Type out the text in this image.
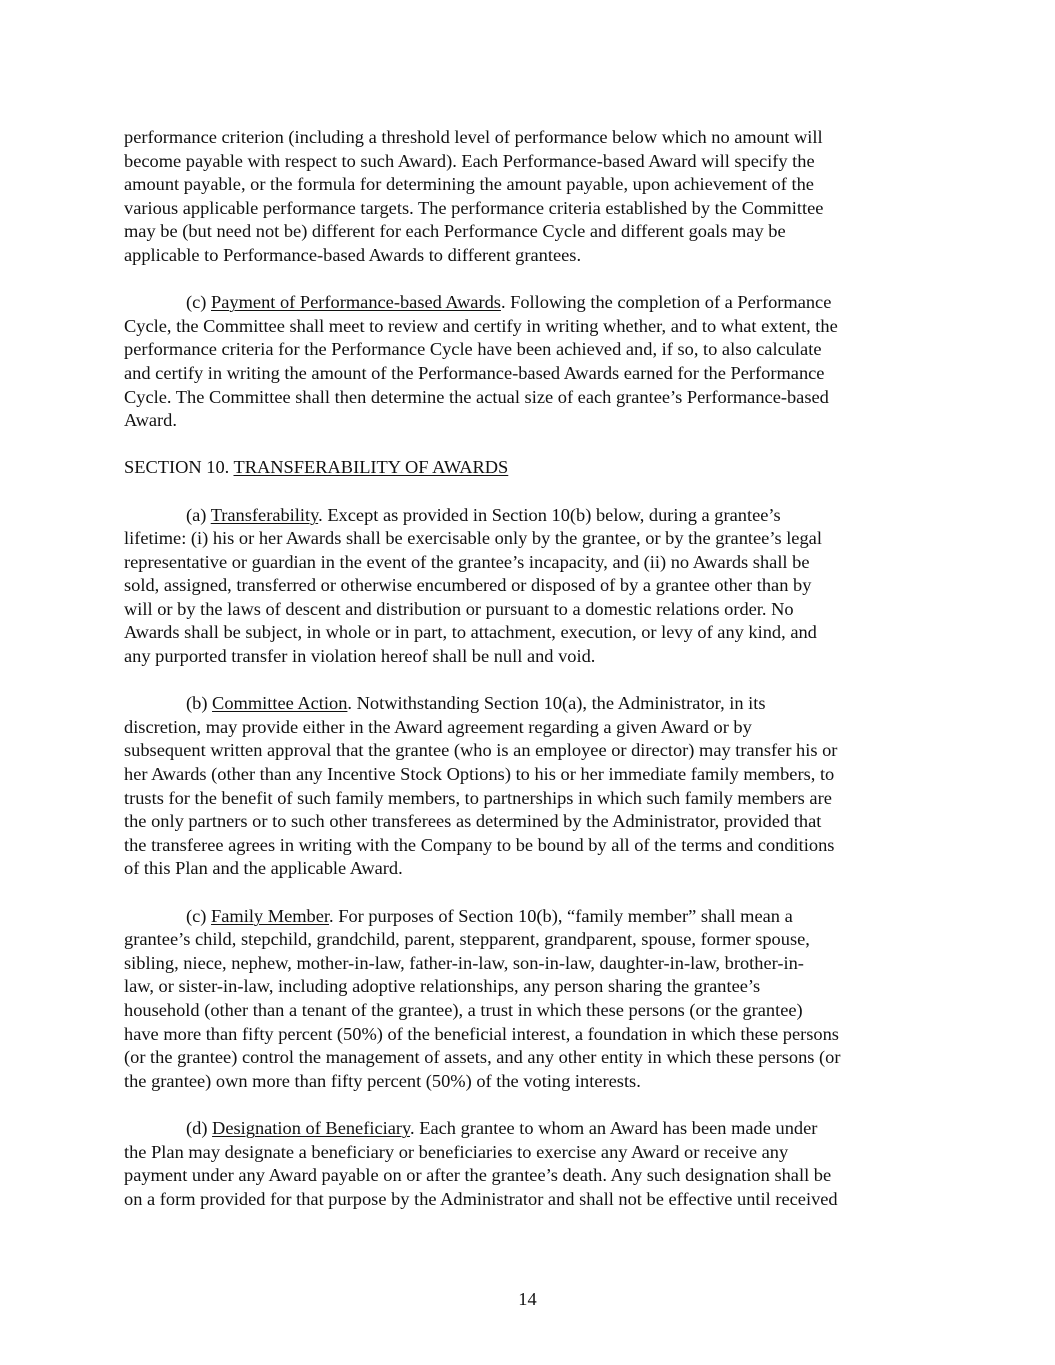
performance criterion (including a threshold level of performance below which no amount will
become payable with respect to such Award). Each Performance-based Award will specify the
amount payable, or the formula for determining the amount payable, upon achievement of the
various applicable performance targets. The performance criteria established by the Committee
may be (but need not be) different for each Performance Cycle and different goals may be
applicable to Performance-based Awards to different grantees.

(c) Payment of Performance-based Awards. Following the completion of a Performance
Cycle, the Committee shall meet to review and certify in writing whether, and to what extent, the
performance criteria for the Performance Cycle have been achieved and, if so, to also calculate
and certify in writing the amount of the Performance-based Awards earned for the Performance
Cycle. The Committee shall then determine the actual size of each grantee’s Performance-based
Award.

SECTION 10. TRANSFERABILITY OF AWARDS

(a) Transferability. Except as provided in Section 10(b) below, during a grantee’s
lifetime: (i) his or her Awards shall be exercisable only by the grantee, or by the grantee’s legal
representative or guardian in the event of the grantee’s incapacity, and (ii) no Awards shall be
sold, assigned, transferred or otherwise encumbered or disposed of by a grantee other than by
will or by the laws of descent and distribution or pursuant to a domestic relations order. No
Awards shall be subject, in whole or in part, to attachment, execution, or levy of any kind, and
any purported transfer in violation hereof shall be null and void.

(b) Committee Action. Notwithstanding Section 10(a), the Administrator, in its
discretion, may provide either in the Award agreement regarding a given Award or by
subsequent written approval that the grantee (who is an employee or director) may transfer his or
her Awards (other than any Incentive Stock Options) to his or her immediate family members, to
trusts for the benefit of such family members, to partnerships in which such family members are
the only partners or to such other transferees as determined by the Administrator, provided that
the transferee agrees in writing with the Company to be bound by all of the terms and conditions
of this Plan and the applicable Award.

(c) Family Member. For purposes of Section 10(b), “family member” shall mean a
grantee’s child, stepchild, grandchild, parent, stepparent, grandparent, spouse, former spouse,
sibling, niece, nephew, mother-in-law, father-in-law, son-in-law, daughter-in-law, brother-in-
law, or sister-in-law, including adoptive relationships, any person sharing the grantee’s
household (other than a tenant of the grantee), a trust in which these persons (or the grantee)
have more than fifty percent (50%) of the beneficial interest, a foundation in which these persons
(or the grantee) control the management of assets, and any other entity in which these persons (or
the grantee) own more than fifty percent (50%) of the voting interests.

(d) Designation of Beneficiary. Each grantee to whom an Award has been made under
the Plan may designate a beneficiary or beneficiaries to exercise any Award or receive any
payment under any Award payable on or after the grantee’s death. Any such designation shall be
on a form provided for that purpose by the Administrator and shall not be effective until received

14
